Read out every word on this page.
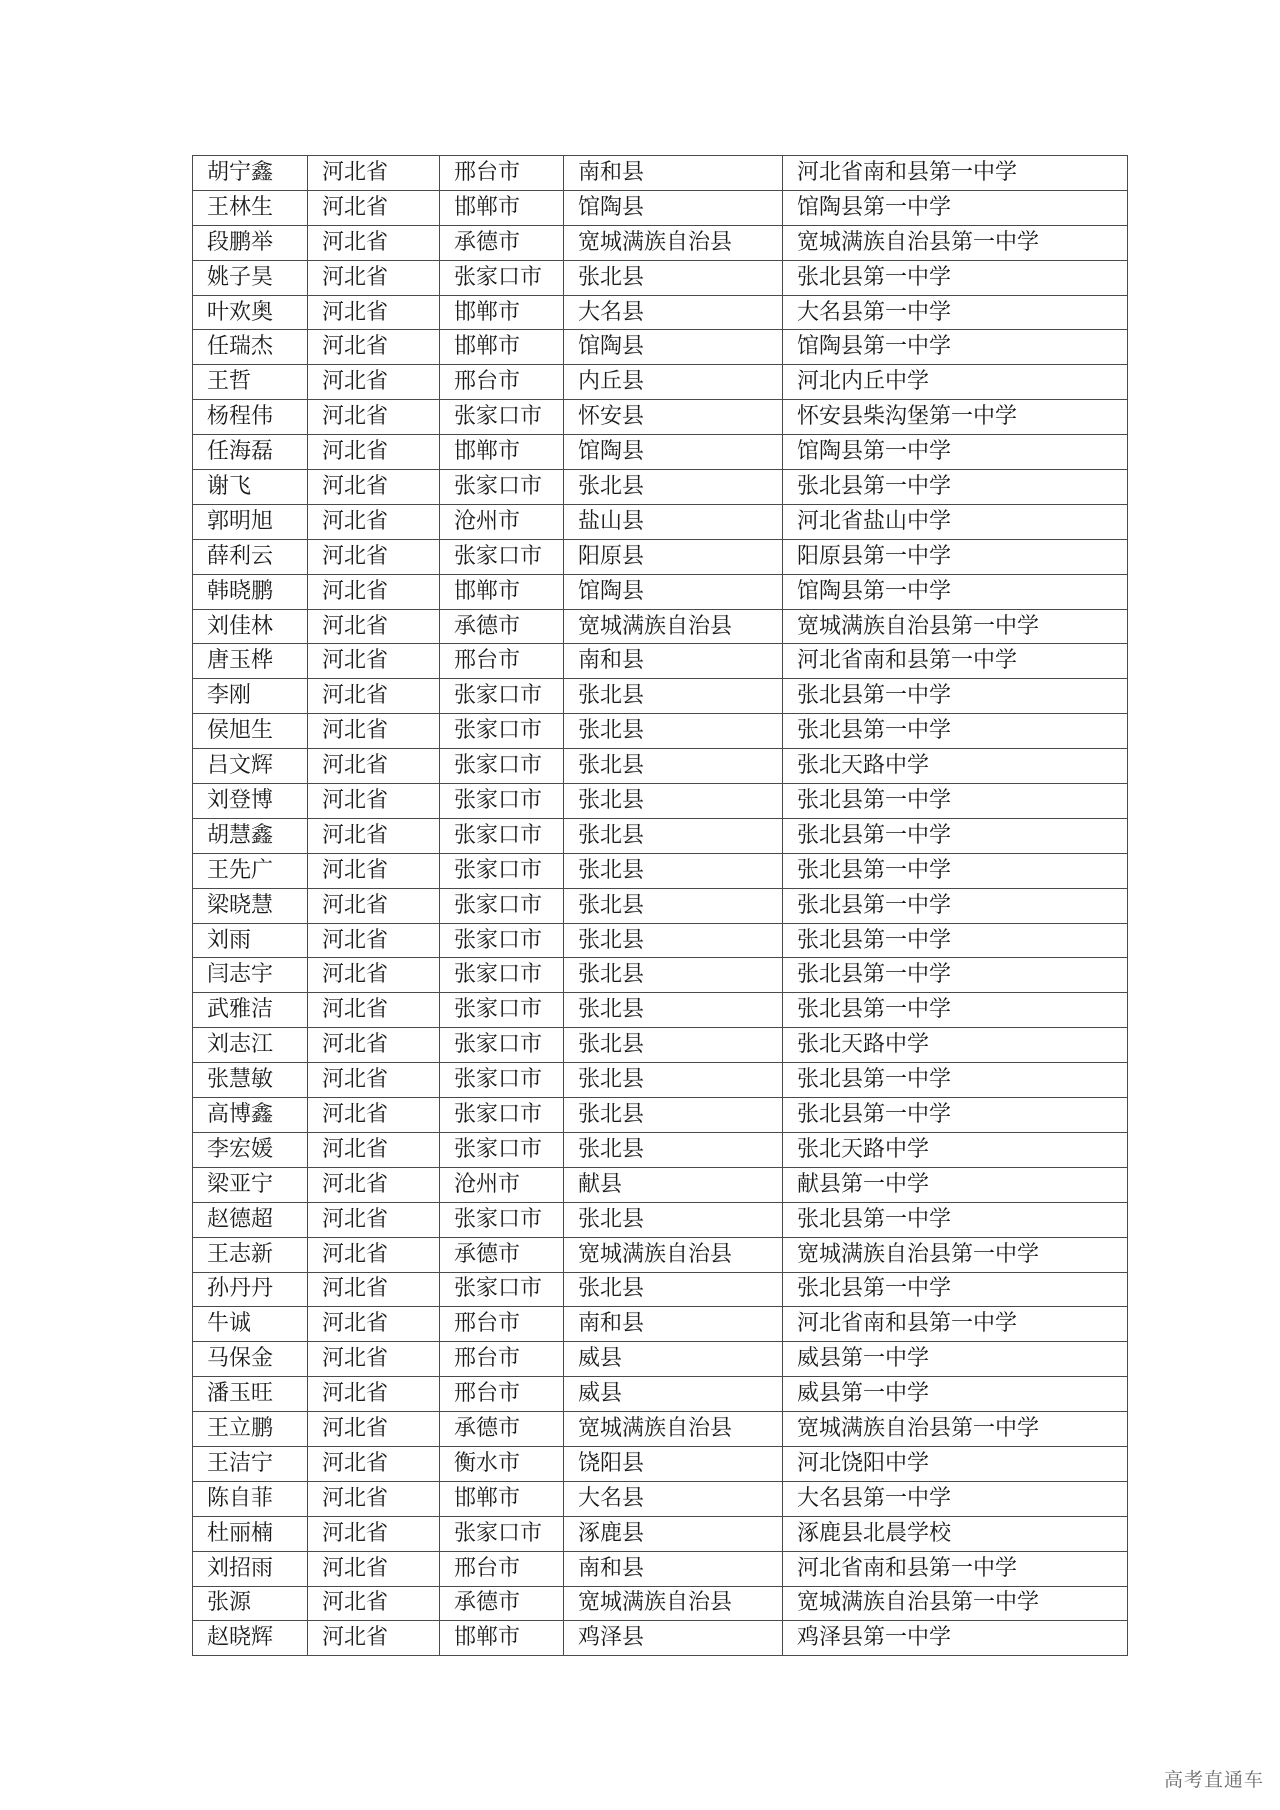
胡宁鑫	河北省	邢台市	南和县	河北省南和县第一中学
王林生	河北省	邯郸市	馆陶县	馆陶县第一中学
段鹏举	河北省	承德市	宽城满族自治县	宽城满族自治县第一中学
姚子昊	河北省	张家口市	张北县	张北县第一中学
叶欢奥	河北省	邯郸市	大名县	大名县第一中学
任瑞杰	河北省	邯郸市	馆陶县	馆陶县第一中学
王哲	河北省	邢台市	内丘县	河北内丘中学
杨程伟	河北省	张家口市	怀安县	怀安县柴沟堡第一中学
任海磊	河北省	邯郸市	馆陶县	馆陶县第一中学
谢飞	河北省	张家口市	张北县	张北县第一中学
郭明旭	河北省	沧州市	盐山县	河北省盐山中学
薛利云	河北省	张家口市	阳原县	阳原县第一中学
韩晓鹏	河北省	邯郸市	馆陶县	馆陶县第一中学
刘佳林	河北省	承德市	宽城满族自治县	宽城满族自治县第一中学
唐玉桦	河北省	邢台市	南和县	河北省南和县第一中学
李刚	河北省	张家口市	张北县	张北县第一中学
侯旭生	河北省	张家口市	张北县	张北县第一中学
吕文辉	河北省	张家口市	张北县	张北天路中学
刘登博	河北省	张家口市	张北县	张北县第一中学
胡慧鑫	河北省	张家口市	张北县	张北县第一中学
王先广	河北省	张家口市	张北县	张北县第一中学
梁晓慧	河北省	张家口市	张北县	张北县第一中学
刘雨	河北省	张家口市	张北县	张北县第一中学
闫志宇	河北省	张家口市	张北县	张北县第一中学
武雅洁	河北省	张家口市	张北县	张北县第一中学
刘志江	河北省	张家口市	张北县	张北天路中学
张慧敏	河北省	张家口市	张北县	张北县第一中学
高博鑫	河北省	张家口市	张北县	张北县第一中学
李宏媛	河北省	张家口市	张北县	张北天路中学
梁亚宁	河北省	沧州市	献县	献县第一中学
赵德超	河北省	张家口市	张北县	张北县第一中学
王志新	河北省	承德市	宽城满族自治县	宽城满族自治县第一中学
孙丹丹	河北省	张家口市	张北县	张北县第一中学
牛诚	河北省	邢台市	南和县	河北省南和县第一中学
马保金	河北省	邢台市	威县	威县第一中学
潘玉旺	河北省	邢台市	威县	威县第一中学
王立鹏	河北省	承德市	宽城满族自治县	宽城满族自治县第一中学
王洁宁	河北省	衡水市	饶阳县	河北饶阳中学
陈自菲	河北省	邯郸市	大名县	大名县第一中学
杜丽楠	河北省	张家口市	涿鹿县	涿鹿县北晨学校
刘招雨	河北省	邢台市	南和县	河北省南和县第一中学
张源	河北省	承德市	宽城满族自治县	宽城满族自治县第一中学
赵晓辉	河北省	邯郸市	鸡泽县	鸡泽县第一中学
高考直通车
